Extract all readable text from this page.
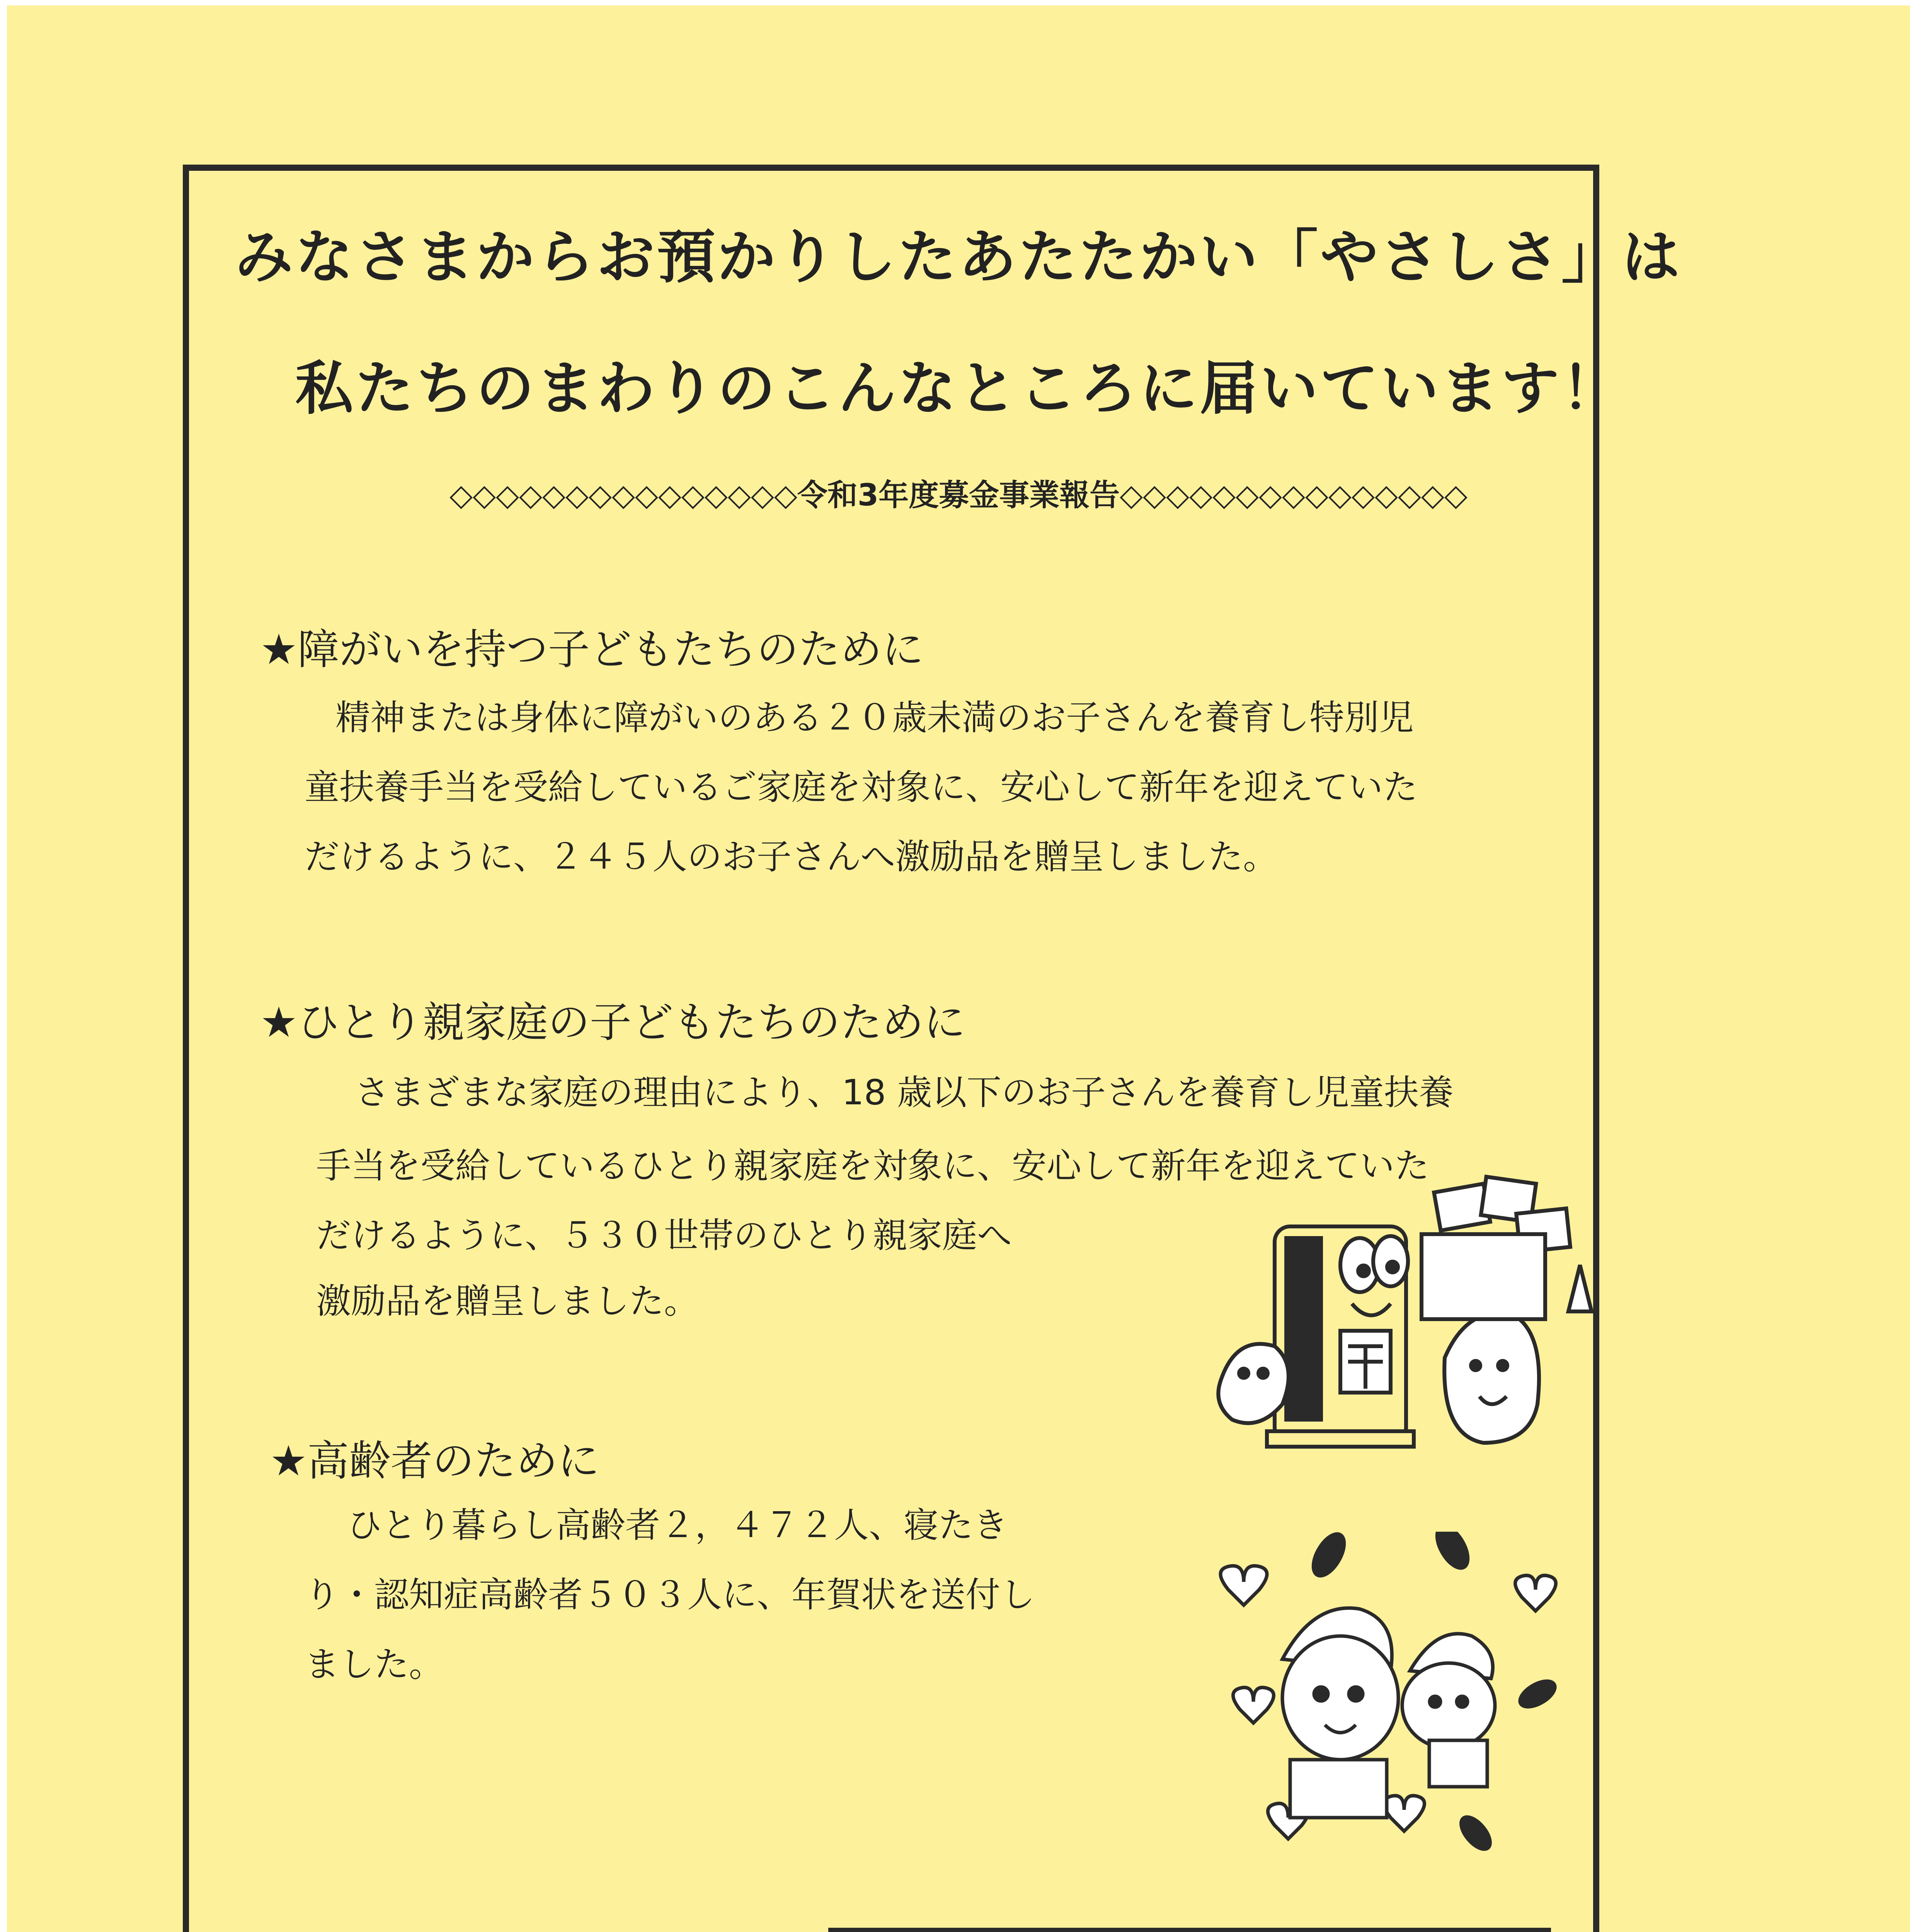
みなさまからお預かりしたあたたかい「やさしさ」は
私たちのまわりのこんなところに届いています！
◇◇◇◇◇◇◇◇◇◇◇◇◇◇◇令和3年度募金事業報告◇◇◇◇◇◇◇◇◇◇◇◇◇◇◇
★障がいを持つ子どもたちのために
精神または身体に障がいのある２０歳未満のお子さんを養育し特別児
童扶養手当を受給しているご家庭を対象に、安心して新年を迎えていた
だけるように、２４５人のお子さんへ激励品を贈呈しました。
★ひとり親家庭の子どもたちのために
さまざまな家庭の理由により、18 歳以下のお子さんを養育し児童扶養
手当を受給しているひとり親家庭を対象に、安心して新年を迎えていた
だけるように、５３０世帯のひとり親家庭へ
激励品を贈呈しました。
★高齢者のために
ひとり暮らし高齢者２，４７２人、寝たき
り・認知症高齢者５０３人に、年賀状を送付し
ました。
